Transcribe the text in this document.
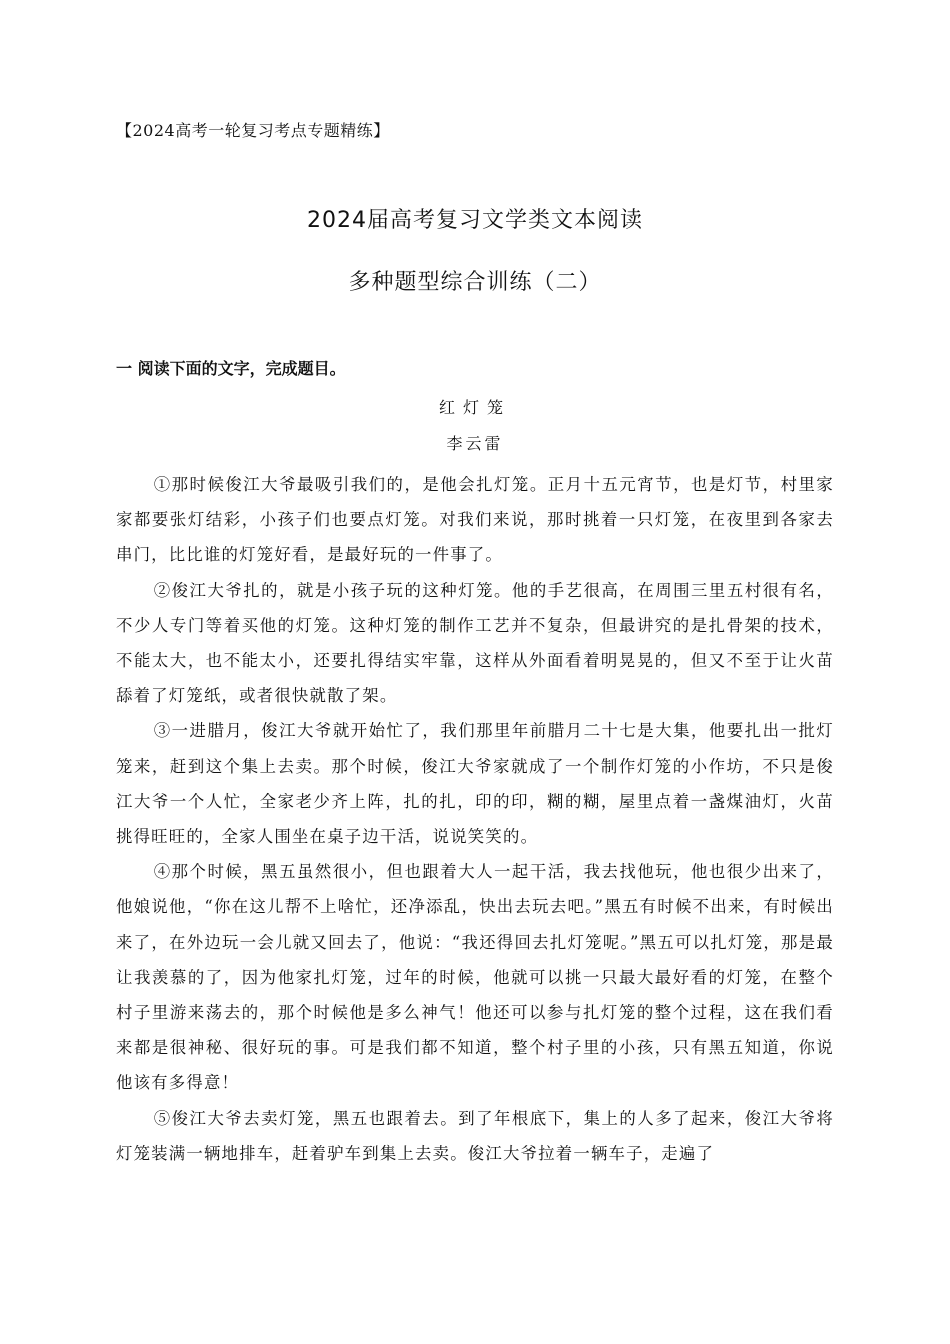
【2024高考一轮复习考点专题精练】
2024届高考复习文学类文本阅读
多种题型综合训练（二）
一 阅读下面的文字，完成题目。
红灯笼
李云雷

①那时候俊江大爷最吸引我们的，是他会扎灯笼。正月十五元宵节，也是灯节，村里家家都要张灯结彩，小孩子们也要点灯笼。对我们来说，那时挑着一只灯笼，在夜里到各家去串门，比比谁的灯笼好看，是最好玩的一件事了。

②俊江大爷扎的，就是小孩子玩的这种灯笼。他的手艺很高，在周围三里五村很有名，不少人专门等着买他的灯笼。这种灯笼的制作工艺并不复杂，但最讲究的是扎骨架的技术，不能太大，也不能太小，还要扎得结实牢靠，这样从外面看着明晃晃的，但又不至于让火苗舔着了灯笼纸，或者很快就散了架。

③一进腊月，俊江大爷就开始忙了，我们那里年前腊月二十七是大集，他要扎出一批灯笼来，赶到这个集上去卖。那个时候，俊江大爷家就成了一个制作灯笼的小作坊，不只是俊江大爷一个人忙，全家老少齐上阵，扎的扎，印的印，糊的糊，屋里点着一盏煤油灯，火苗挑得旺旺的，全家人围坐在桌子边干活，说说笑笑的。

④那个时候，黑五虽然很小，但也跟着大人一起干活，我去找他玩，他也很少出来了，他娘说他，“你在这儿帮不上啥忙，还净添乱，快出去玩去吧。”黑五有时候不出来，有时候出来了，在外边玩一会儿就又回去了，他说：“我还得回去扎灯笼呢。”黑五可以扎灯笼，那是最让我羡慕的了，因为他家扎灯笼，过年的时候，他就可以挑一只最大最好看的灯笼，在整个村子里游来荡去的，那个时候他是多么神气！他还可以参与扎灯笼的整个过程，这在我们看来都是很神秘、很好玩的事。可是我们都不知道，整个村子里的小孩，只有黑五知道，你说他该有多得意！

⑤俊江大爷去卖灯笼，黑五也跟着去。到了年根底下，集上的人多了起来，俊江大爷将灯笼装满一辆地排车，赶着驴车到集上去卖。俊江大爷拉着一辆车子，走遍了
